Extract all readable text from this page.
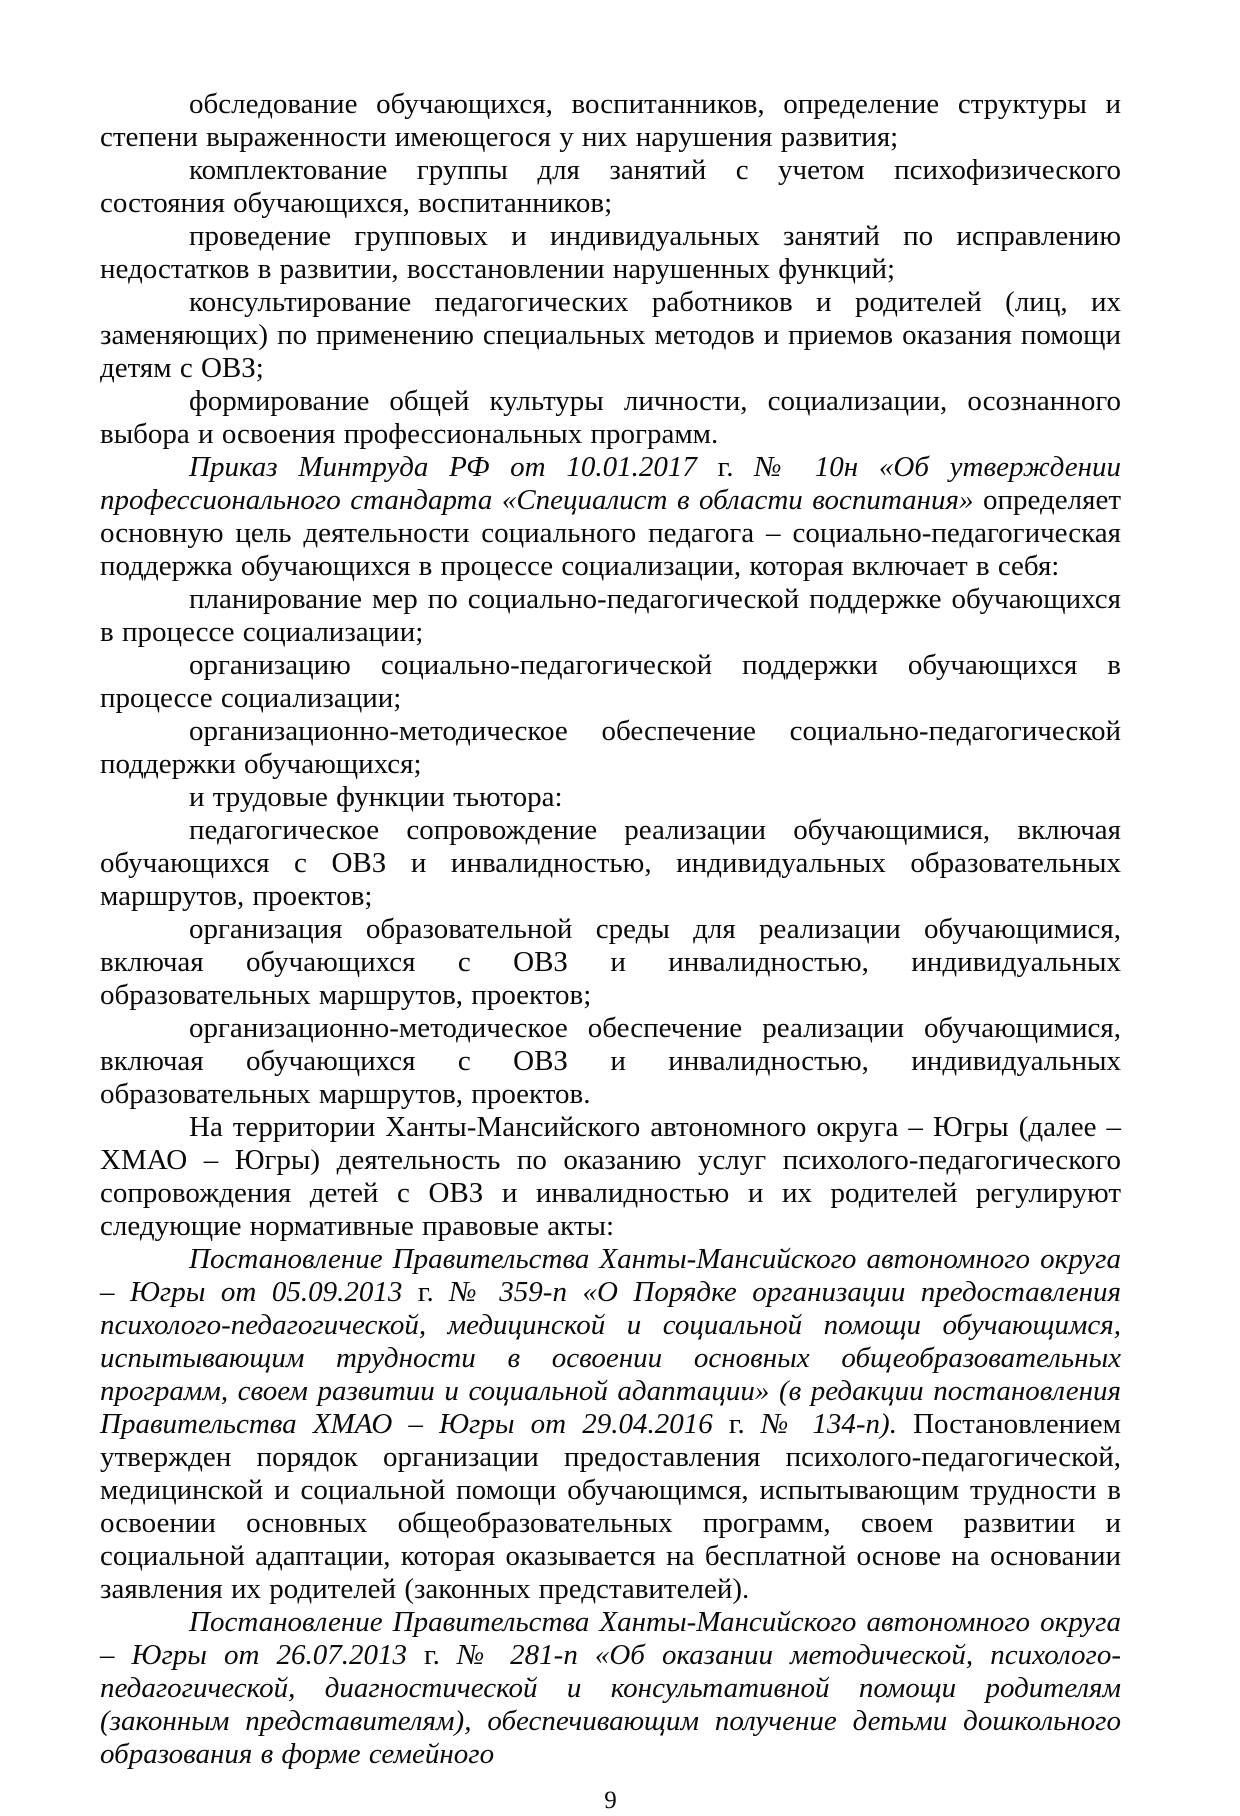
обследование обучающихся, воспитанников, определение структуры и степени выраженности имеющегося у них нарушения развития;

комплектование группы для занятий с учетом психофизического состояния обучающихся, воспитанников;

проведение групповых и индивидуальных занятий по исправлению недостатков в развитии, восстановлении нарушенных функций;

консультирование педагогических работников и родителей (лиц, их заменяющих) по применению специальных методов и приемов оказания помощи детям с ОВЗ;

формирование общей культуры личности, социализации, осознанного выбора и освоения профессиональных программ.

Приказ Минтруда РФ от 10.01.2017 г. № 10н «Об утверждении профессионального стандарта «Специалист в области воспитания» определяет основную цель деятельности социального педагога – социально-педагогическая поддержка обучающихся в процессе социализации, которая включает в себя:

планирование мер по социально-педагогической поддержке обучающихся в процессе социализации;

организацию социально-педагогической поддержки обучающихся в процессе социализации;

организационно-методическое обеспечение социально-педагогической поддержки обучающихся;

и трудовые функции тьютора:

педагогическое сопровождение реализации обучающимися, включая обучающихся с ОВЗ и инвалидностью, индивидуальных образовательных маршрутов, проектов;

организация образовательной среды для реализации обучающимися, включая обучающихся с ОВЗ и инвалидностью, индивидуальных образовательных маршрутов, проектов;

организационно-методическое обеспечение реализации обучающимися, включая обучающихся с ОВЗ и инвалидностью, индивидуальных образовательных маршрутов, проектов.

На территории Ханты-Мансийского автономного округа – Югры (далее – ХМАО – Югры) деятельность по оказанию услуг психолого-педагогического сопровождения детей с ОВЗ и инвалидностью и их родителей регулируют следующие нормативные правовые акты:

Постановление Правительства Ханты-Мансийского автономного округа – Югры от 05.09.2013 г. № 359-п «О Порядке организации предоставления психолого-педагогической, медицинской и социальной помощи обучающимся, испытывающим трудности в освоении основных общеобразовательных программ, своем развитии и социальной адаптации» (в редакции постановления Правительства ХМАО – Югры от 29.04.2016 г. № 134-п). Постановлением утвержден порядок организации предоставления психолого-педагогической, медицинской и социальной помощи обучающимся, испытывающим трудности в освоении основных общеобразовательных программ, своем развитии и социальной адаптации, которая оказывается на бесплатной основе на основании заявления их родителей (законных представителей).

Постановление Правительства Ханты-Мансийского автономного округа – Югры от 26.07.2013 г. № 281-п «Об оказании методической, психолого-педагогической, диагностической и консультативной помощи родителям (законным представителям), обеспечивающим получение детьми дошкольного образования в форме семейного

9
